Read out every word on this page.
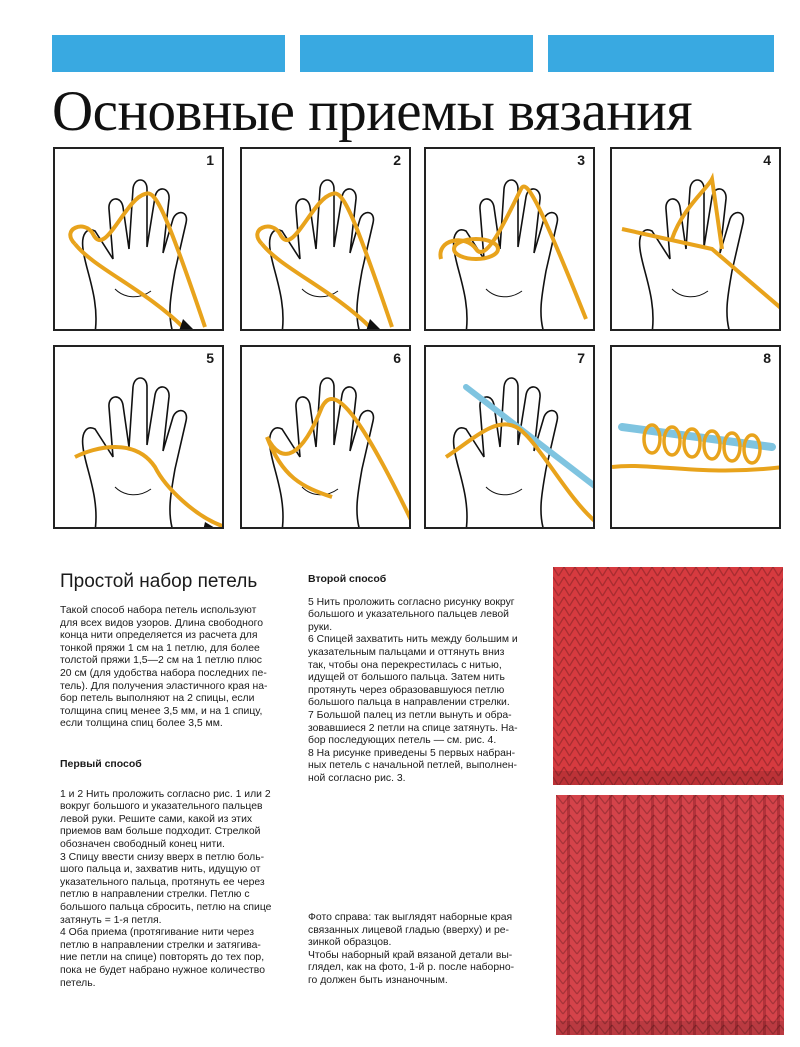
Основные приемы вязания
1	2	3	4
5	6	7	8
Простой набор петель
Такой способ набора петель используют
для всех видов узоров. Длина свободного
конца нити определяется из расчета для
тонкой пряжи 1 см на 1 петлю, для более
толстой пряжи 1,5—2 см на 1 петлю плюс
20 см (для удобства набора последних пе-
тель). Для получения эластичного края на-
бор петель выполняют на 2 спицы, если
толщина спиц менее 3,5 мм, и на 1 спицу,
если толщина спиц более 3,5 мм.

Первый способ

1 и 2 Нить проложить согласно рис. 1 или 2
вокруг большого и указательного пальцев
левой руки. Решите сами, какой из этих
приемов вам больше подходит. Стрелкой
обозначен свободный конец нити.
3 Спицу ввести снизу вверх в петлю боль-
шого пальца и, захватив нить, идущую от
указательного пальца, протянуть ее через
петлю в направлении стрелки. Петлю с
большого пальца сбросить, петлю на спице
затянуть = 1-я петля.
4 Оба приема (протягивание нити через
петлю в направлении стрелки и затягива-
ние петли на спице) повторять до тех пор,
пока не будет набрано нужное количество
петель.

Второй способ

5 Нить проложить согласно рисунку вокруг
большого и указательного пальцев левой
руки.
6 Спицей захватить нить между большим и
указательным пальцами и оттянуть вниз
так, чтобы она перекрестилась с нитью,
идущей от большого пальца. Затем нить
протянуть через образовавшуюся петлю
большого пальца в направлении стрелки.
7 Большой палец из петли вынуть и обра-
зовавшиеся 2 петли на спице затянуть. На-
бор последующих петель — см. рис. 4.
8 На рисунке приведены 5 первых набран-
ных петель с начальной петлей, выполнен-
ной согласно рис. 3.
Фото справа: так выглядят наборные края
связанных лицевой гладью (вверху) и ре-
зинкой образцов.
Чтобы наборный край вязаной детали вы-
глядел, как на фото, 1-й р. после наборно-
го должен быть изнаночным.
